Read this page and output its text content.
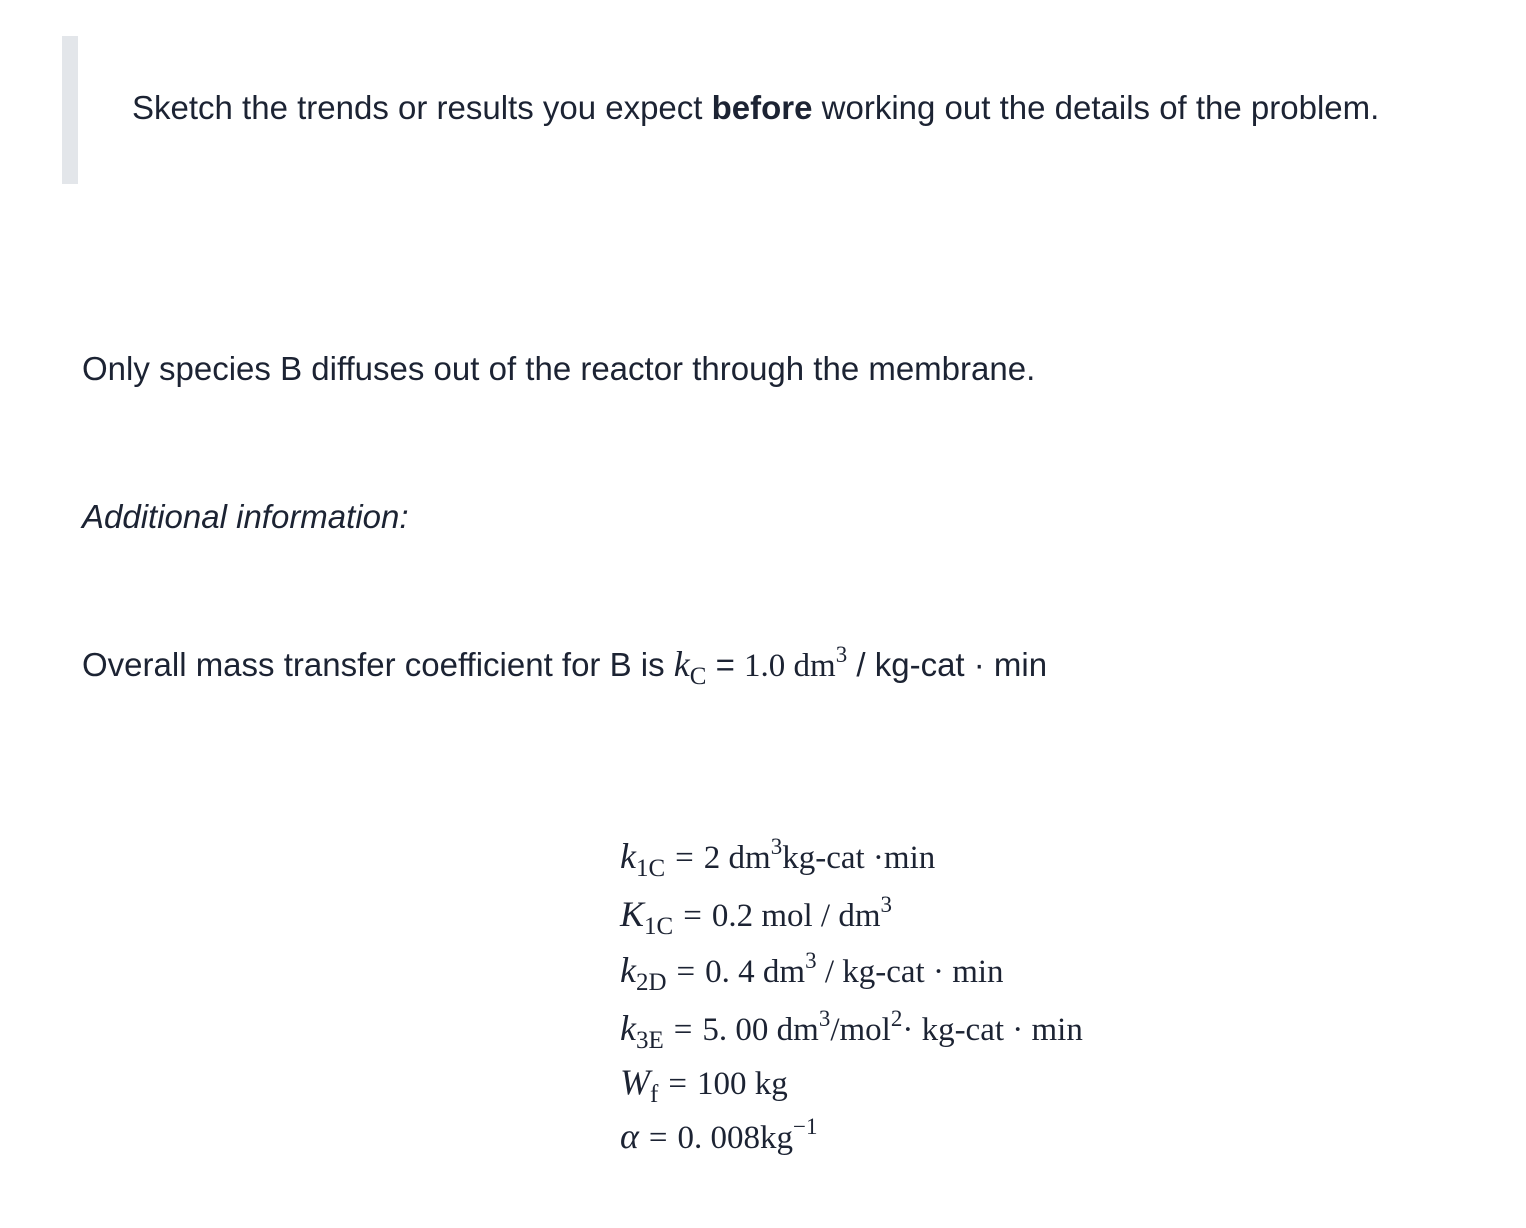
Sketch the trends or results you expect before working out the details of the problem.

Only species B diffuses out of the reactor through the membrane.

Additional information:

Overall mass transfer coefficient for B is $k_C = 1.0$ $dm^3 / kg-cat \cdot \min$

$k_{1C} = 2$ $dm^3kg$-cat ·min
$K_{1C} = 0.2$ mol / $dm^3$
$k_{2D} = 0$. 4 $dm^3 / kg-cat \cdot \min$
$k_{3E} = 5$. 00 $dm^3/mol^2\cdot kg-cat \cdot \min$
$W_f = 100$ kg
α = 0. $008kg^{-1}$
